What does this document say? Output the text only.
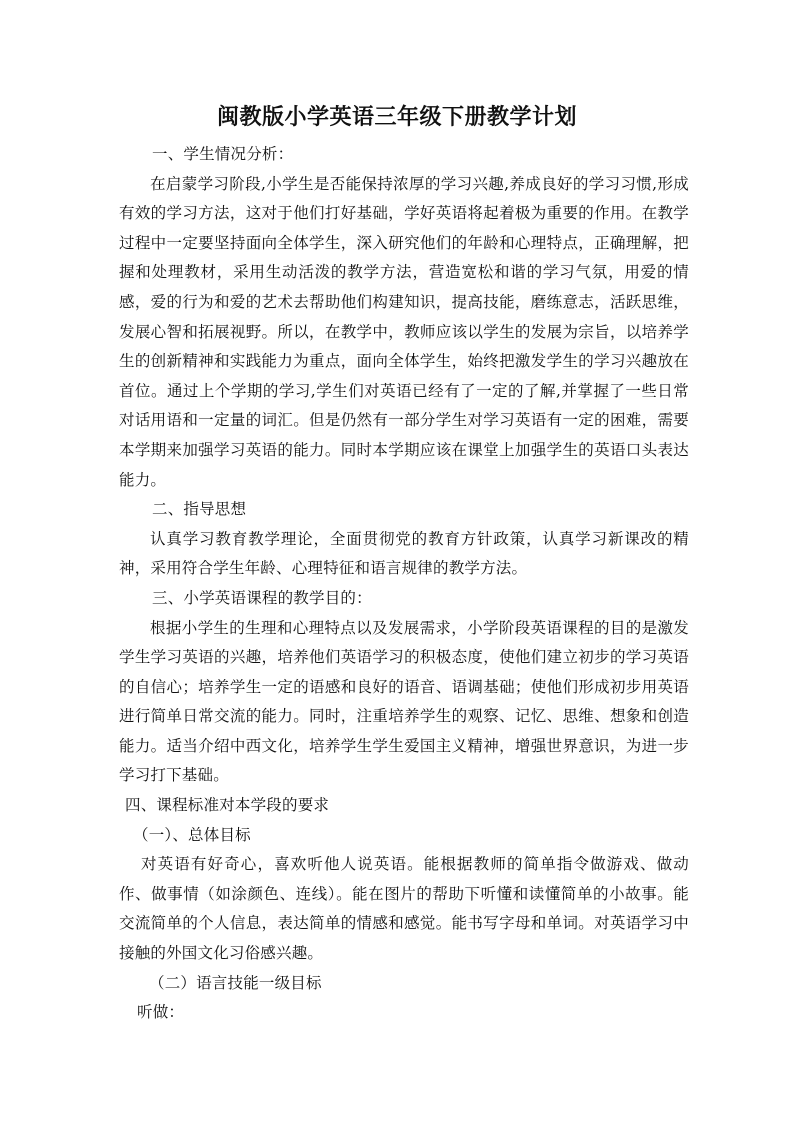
闽教版小学英语三年级下册教学计划

一、学生情况分析：

在启蒙学习阶段,小学生是否能保持浓厚的学习兴趣,养成良好的学习习惯,形成有效的学习方法，这对于他们打好基础，学好英语将起着极为重要的作用。在教学过程中一定要坚持面向全体学生，深入研究他们的年龄和心理特点，正确理解，把握和处理教材，采用生动活泼的教学方法，营造宽松和谐的学习气氛，用爱的情感，爱的行为和爱的艺术去帮助他们构建知识，提高技能，磨练意志，活跃思维，发展心智和拓展视野。所以，在教学中，教师应该以学生的发展为宗旨，以培养学生的创新精神和实践能力为重点，面向全体学生，始终把激发学生的学习兴趣放在首位。通过上个学期的学习,学生们对英语已经有了一定的了解,并掌握了一些日常对话用语和一定量的词汇。但是仍然有一部分学生对学习英语有一定的困难，需要本学期来加强学习英语的能力。同时本学期应该在课堂上加强学生的英语口头表达能力。

二、指导思想

认真学习教育教学理论，全面贯彻党的教育方针政策，认真学习新课改的精神，采用符合学生年龄、心理特征和语言规律的教学方法。

三、小学英语课程的教学目的：

根据小学生的生理和心理特点以及发展需求，小学阶段英语课程的目的是激发学生学习英语的兴趣，培养他们英语学习的积极态度，使他们建立初步的学习英语的自信心；培养学生一定的语感和良好的语音、语调基础；使他们形成初步用英语进行简单日常交流的能力。同时，注重培养学生的观察、记忆、思维、想象和创造能力。适当介绍中西文化，培养学生学生爱国主义精神，增强世界意识，为进一步学习打下基础。

四、课程标准对本学段的要求

（一）、总体目标

对英语有好奇心，喜欢听他人说英语。能根据教师的简单指令做游戏、做动作、做事情（如涂颜色、连线）。能在图片的帮助下听懂和读懂简单的小故事。能交流简单的个人信息，表达简单的情感和感觉。能书写字母和单词。对英语学习中接触的外国文化习俗感兴趣。

（二）语言技能一级目标

听做：
